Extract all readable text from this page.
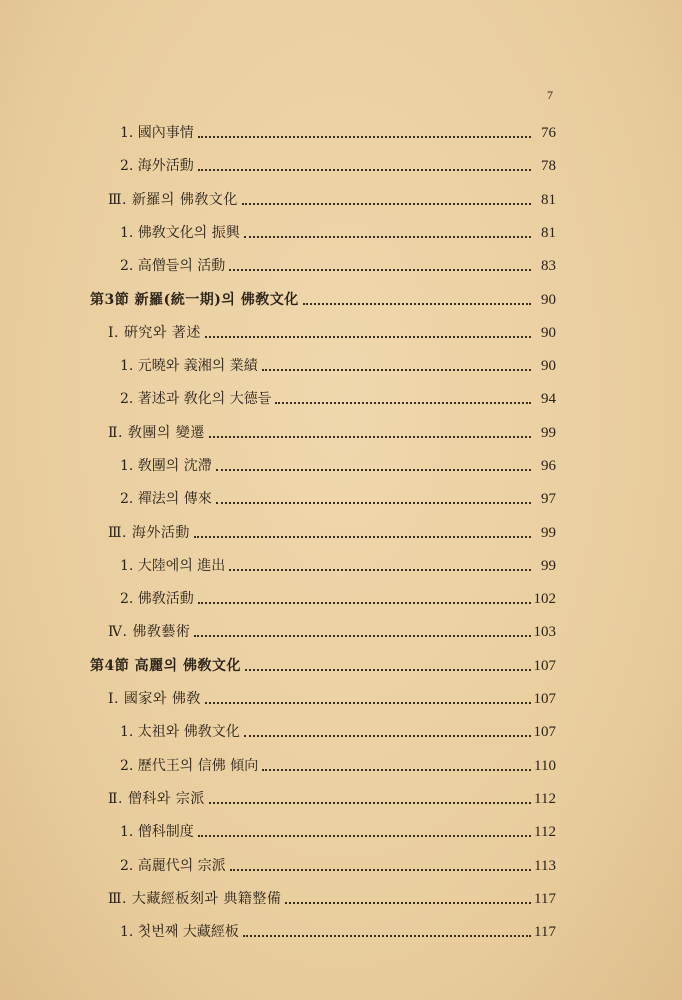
7
1. 國內事情	76
2. 海外活動	78
Ⅲ. 新羅의 佛敎文化	81
1. 佛敎文化의 振興	81
2. 高僧들의 活動	83
第3節 新羅(統一期)의 佛敎文化	90
Ⅰ. 硏究와 著述	90
1. 元曉와 義湘의 業績	90
2. 著述과 敎化의 大德들	94
Ⅱ. 敎團의 變遷	99
1. 敎團의 沈滯	96
2. 禪法의 傳來	97
Ⅲ. 海外活動	99
1. 大陸에의 進出	99
2. 佛敎活動	102
Ⅳ. 佛敎藝術	103
第4節 高麗의 佛敎文化	107
Ⅰ. 國家와 佛敎	107
1. 太祖와 佛敎文化	107
2. 歷代王의 信佛 傾向	110
Ⅱ. 僧科와 宗派	112
1. 僧科制度	112
2. 高麗代의 宗派	113
Ⅲ. 大藏經板刻과 典籍整備	117
1. 첫번째 大藏經板	117
